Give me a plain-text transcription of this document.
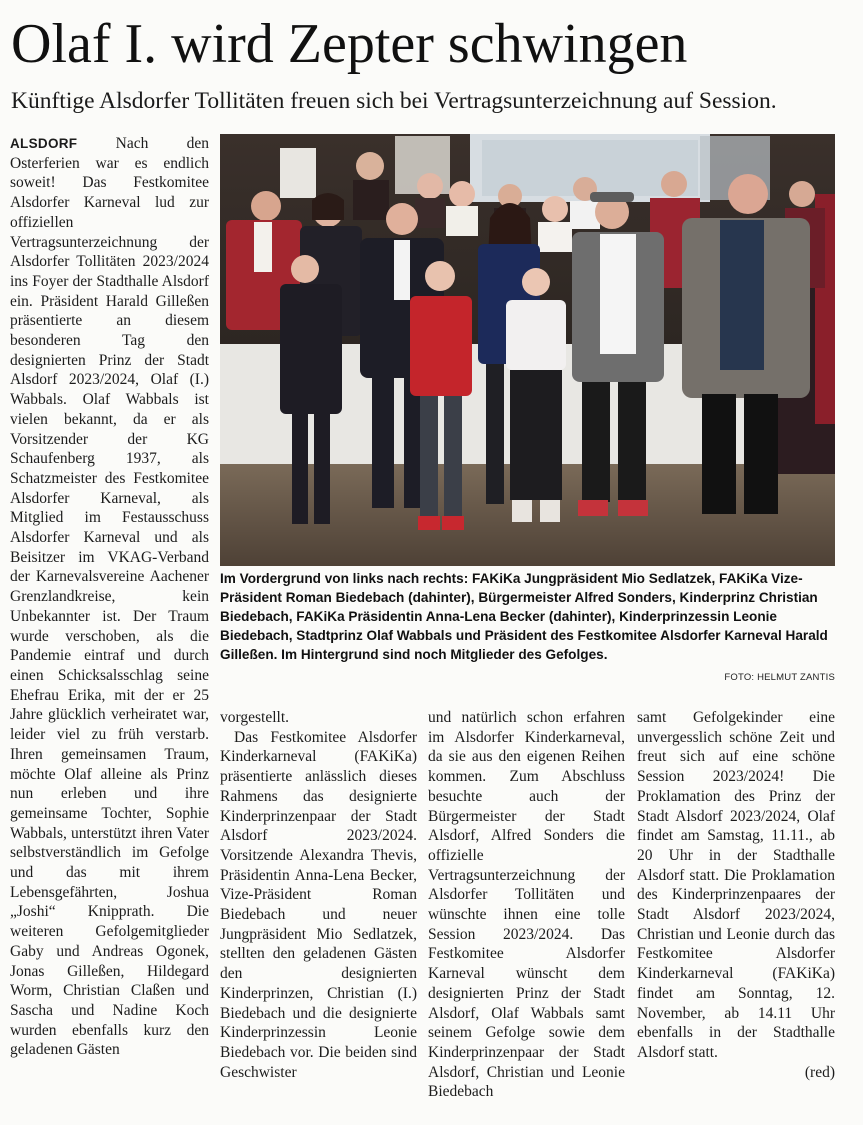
Olaf I. wird Zepter schwingen
Künftige Alsdorfer Tollitäten freuen sich bei Vertragsunterzeichnung auf Session.

ALSDORF Nach den Osterferien war es endlich soweit! Das Festkomitee Alsdorfer Karneval lud zur offiziellen Vertragsunterzeichnung der Alsdorfer Tollitäten 2023/2024 ins Foyer der Stadthalle Alsdorf ein. Präsident Harald Gilleßen präsentierte an diesem besonderen Tag den designierten Prinz der Stadt Alsdorf 2023/2024, Olaf (I.) Wabbals. Olaf Wabbals ist vielen bekannt, da er als Vorsitzender der KG Schaufenberg 1937, als Schatzmeister des Festkomitee Alsdorfer Karneval, als Mitglied im Festausschuss Alsdorfer Karneval und als Beisitzer im VKAG-Verband der Karnevalsvereine Aachener Grenzlandkreise, kein Unbekannter ist. Der Traum wurde verschoben, als die Pandemie eintraf und durch einen Schicksalsschlag seine Ehefrau Erika, mit der er 25 Jahre glücklich verheiratet war, leider viel zu früh verstarb. Ihren gemeinsamen Traum, möchte Olaf alleine als Prinz nun erleben und ihre gemeinsame Tochter, Sophie Wabbals, unterstützt ihren Vater selbstverständlich im Gefolge und das mit ihrem Lebensgefährten, Joshua „Joshi“ Knipprath. Die weiteren Gefolgemitglieder Gaby und Andreas Ogonek, Jonas Gilleßen, Hildegard Worm, Christian Claßen und Sascha und Nadine Koch wurden ebenfalls kurz den geladenen Gästen

Im Vordergrund von links nach rechts: FAKiKa Jungpräsident Mio Sedlatzek, FAKiKa Vize-Präsident Roman Biedebach (dahinter), Bürgermeister Alfred Sonders, Kinderprinz Christian Biedebach, FAKiKa Präsidentin Anna-Lena Becker (dahinter), Kinderprinzessin Leonie Biedebach, Stadtprinz Olaf Wabbals und Präsident des Festkomitee Alsdorfer Karneval Harald Gilleßen. Im Hintergrund sind noch Mitglieder des Gefolges.
FOTO: HELMUT ZANTIS

vorgestellt.

Das Festkomitee Alsdorfer Kinderkarneval (FAKiKa) präsentierte anlässlich dieses Rahmens das designierte Kinderprinzenpaar der Stadt Alsdorf 2023/2024. Vorsitzende Alexandra Thevis, Präsidentin Anna-Lena Becker, Vize-Präsident Roman Biedebach und neuer Jungpräsident Mio Sedlatzek, stellten den geladenen Gästen den designierten Kinderprinzen, Christian (I.) Biedebach und die designierte Kinderprinzessin Leonie Biedebach vor. Die beiden sind Geschwister

und natürlich schon erfahren im Alsdorfer Kinderkarneval, da sie aus den eigenen Reihen kommen. Zum Abschluss besuchte auch der Bürgermeister der Stadt Alsdorf, Alfred Sonders die offizielle Vertragsunterzeichnung der Alsdorfer Tollitäten und wünschte ihnen eine tolle Session 2023/2024. Das Festkomitee Alsdorfer Karneval wünscht dem designierten Prinz der Stadt Alsdorf, Olaf Wabbals samt seinem Gefolge sowie dem Kinderprinzenpaar der Stadt Alsdorf, Christian und Leonie Biedebach

samt Gefolgekinder eine unvergesslich schöne Zeit und freut sich auf eine schöne Session 2023/2024! Die Proklamation des Prinz der Stadt Alsdorf 2023/2024, Olaf findet am Samstag, 11.11., ab 20 Uhr in der Stadthalle Alsdorf statt. Die Proklamation des Kinderprinzenpaares der Stadt Alsdorf 2023/2024, Christian und Leonie durch das Festkomitee Alsdorfer Kinderkarneval (FAKiKa) findet am Sonntag, 12. November, ab 14.11 Uhr ebenfalls in der Stadthalle Alsdorf statt.

(red)
